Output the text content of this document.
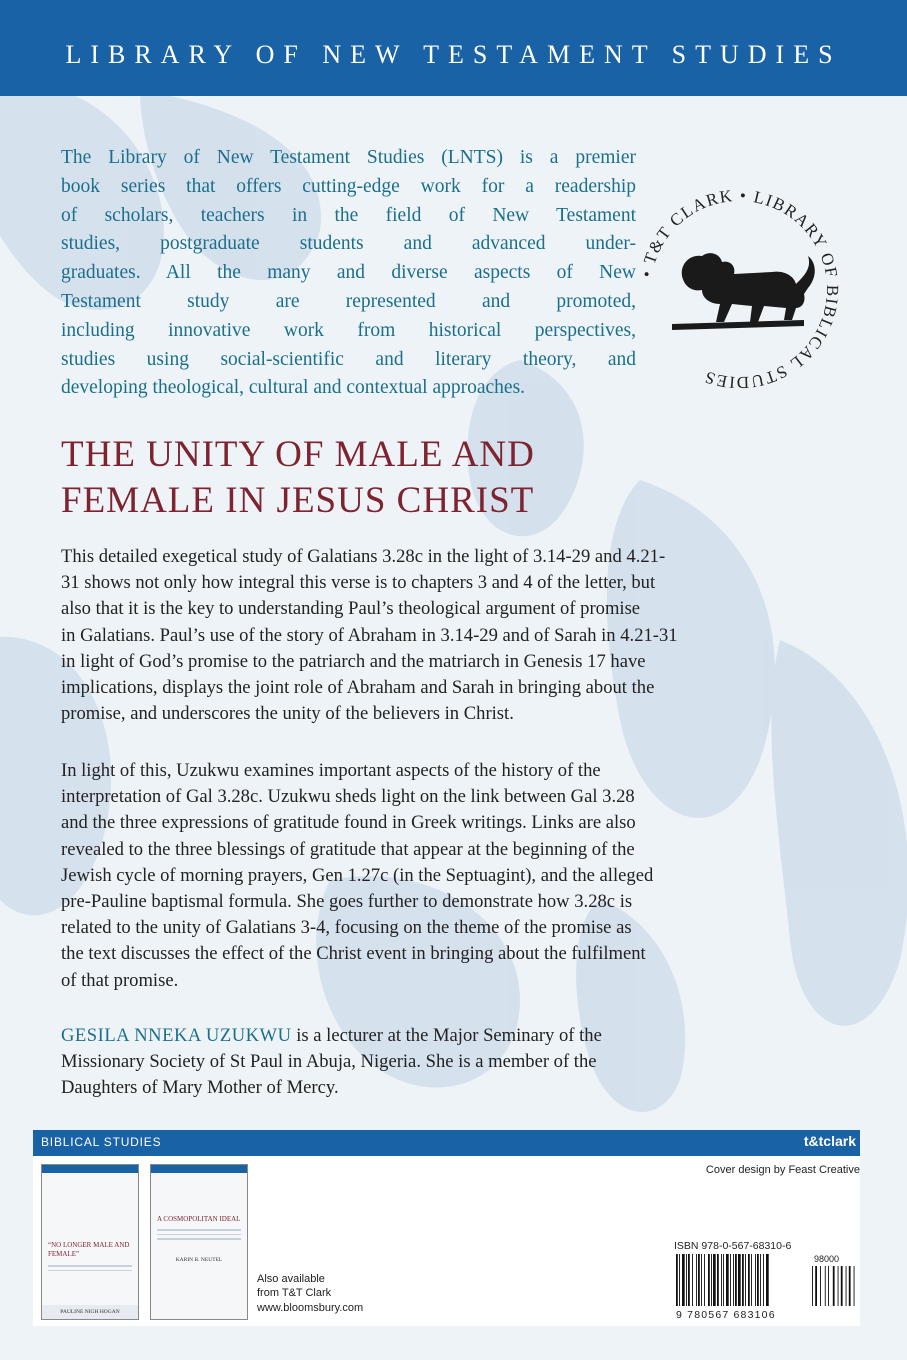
LIBRARY OF NEW TESTAMENT STUDIES
The Library of New Testament Studies (LNTS) is a premier
book series that offers cutting-edge work for a readership
of scholars, teachers in the field of New Testament
studies, postgraduate students and advanced under-
graduates. All the many and diverse aspects of New
Testament study are represented and promoted,
including innovative work from historical perspectives,
studies using social-scientific and literary theory, and
developing theological, cultural and contextual approaches.
• T&T CLARK • LIBRARY OF BIBLICAL STUDIES
THE UNITY OF MALE AND
FEMALE IN JESUS CHRIST
This detailed exegetical study of Galatians 3.28c in the light of 3.14-29 and 4.21-
31 shows not only how integral this verse is to chapters 3 and 4 of the letter, but
also that it is the key to understanding Paul’s theological argument of promise
in Galatians. Paul’s use of the story of Abraham in 3.14-29 and of Sarah in 4.21-31
in light of God’s promise to the patriarch and the matriarch in Genesis 17 have
implications, displays the joint role of Abraham and Sarah in bringing about the
promise, and underscores the unity of the believers in Christ.
In light of this, Uzukwu examines important aspects of the history of the
interpretation of Gal 3.28c. Uzukwu sheds light on the link between Gal 3.28
and the three expressions of gratitude found in Greek writings. Links are also
revealed to the three blessings of gratitude that appear at the beginning of the
Jewish cycle of morning prayers, Gen 1.27c (in the Septuagint), and the alleged
pre-Pauline baptismal formula. She goes further to demonstrate how 3.28c is
related to the unity of Galatians 3-4, focusing on the theme of the promise as
the text discusses the effect of the Christ event in bringing about the fulfilment
of that promise.
GESILA NNEKA UZUKWU is a lecturer at the Major Seminary of the
Missionary Society of St Paul in Abuja, Nigeria. She is a member of the
Daughters of Mary Mother of Mercy.
BIBLICAL STUDIES	t&tclark
“NO LONGER MALE AND FEMALE”
PAULINE NIGH HOGAN
A COSMOPOLITAN IDEAL
KARIN B. NEUTEL
Also available
from T&T Clark
www.bloomsbury.com
Cover design by Feast Creative
ISBN 978-0-567-68310-6
98000
9 780567 683106
